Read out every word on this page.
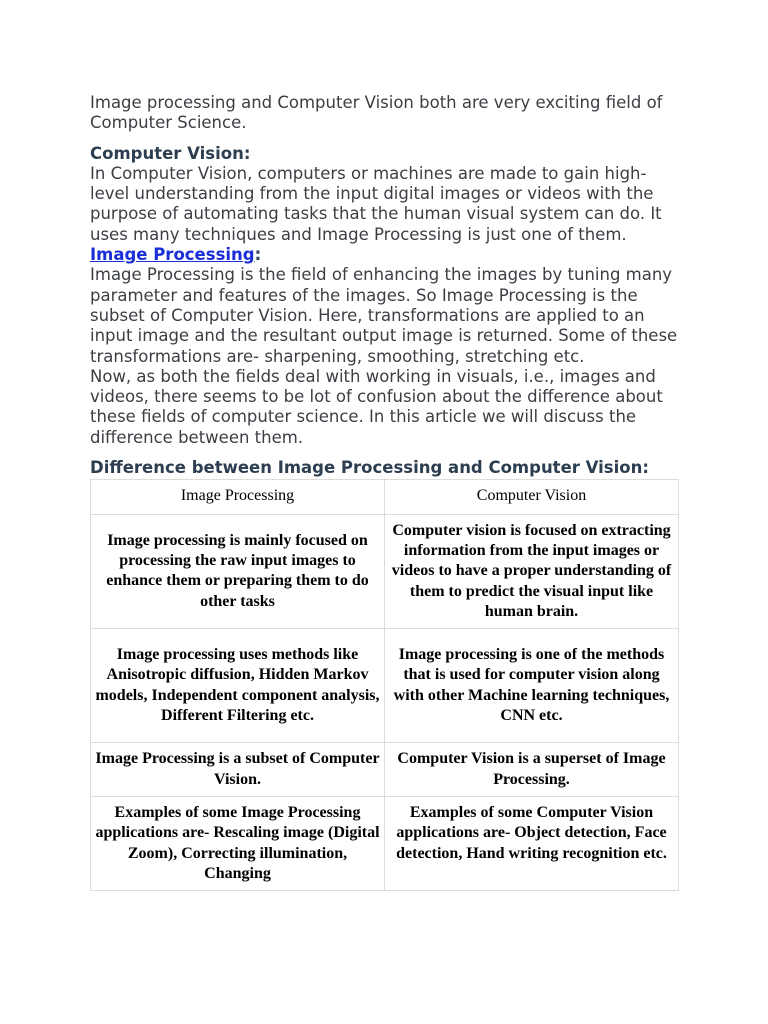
Image processing and Computer Vision both are very exciting field of Computer Science.

Computer Vision:

In Computer Vision, computers or machines are made to gain high-level understanding from the input digital images or videos with the purpose of automating tasks that the human visual system can do. It uses many techniques and Image Processing is just one of them.

Image Processing:

Image Processing is the field of enhancing the images by tuning many parameter and features of the images. So Image Processing is the subset of Computer Vision. Here, transformations are applied to an input image and the resultant output image is returned. Some of these transformations are- sharpening, smoothing, stretching etc.

Now, as both the fields deal with working in visuals, i.e., images and videos, there seems to be lot of confusion about the difference about these fields of computer science. In this article we will discuss the difference between them.

Difference between Image Processing and Computer Vision:

Image Processing	Computer Vision
Image processing is mainly focused on processing the raw input images to enhance them or preparing them to do other tasks	Computer vision is focused on extracting information from the input images or videos to have a proper understanding of them to predict the visual input like human brain.
Image processing uses methods like Anisotropic diffusion, Hidden Markov models, Independent component analysis, Different Filtering etc.	Image processing is one of the methods that is used for computer vision along with other Machine learning techniques, CNN etc.
Image Processing is a subset of Computer Vision.	Computer Vision is a superset of Image Processing.
Examples of some Image Processing applications are- Rescaling image (Digital Zoom), Correcting illumination, Changing	Examples of some Computer Vision applications are- Object detection, Face detection, Hand writing recognition etc.
